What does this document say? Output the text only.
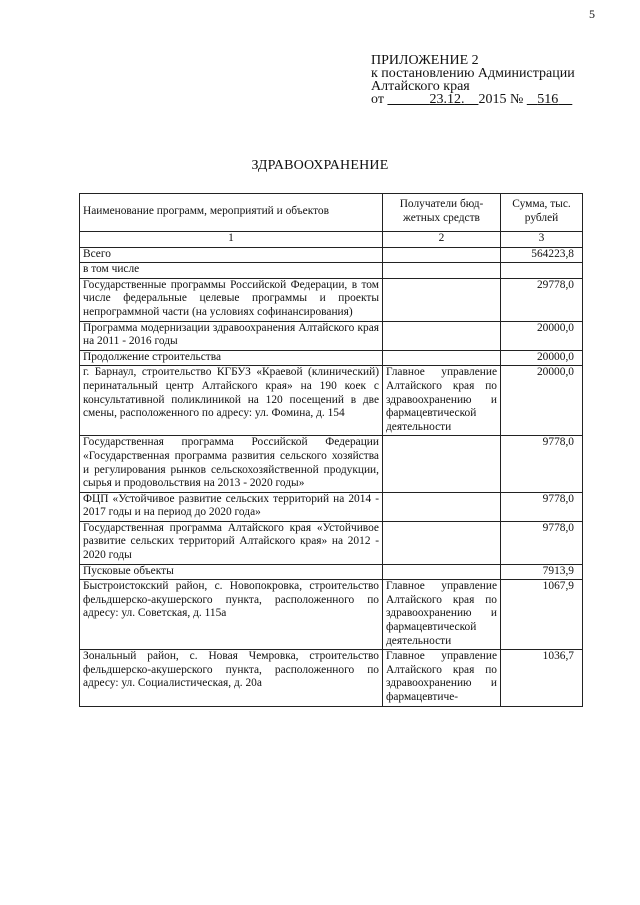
5
ПРИЛОЖЕНИЕ 2
к постановлению Администрации
Алтайского края
от	23.12. 2015 № 516
ЗДРАВООХРАНЕНИЕ
Наименование программ, мероприятий и объектов	Получатели бюд-жетных средств	Сумма, тыс. рублей
1	2	3
Всего		564223,8
в том числе		
Государственные программы Российской Федерации, в том числе федеральные целевые программы и проекты непрограммной части (на условиях софинансирования)		29778,0
Программа модернизации здравоохранения Алтайского края на 2011 - 2016 годы		20000,0
Продолжение строительства		20000,0
г. Барнаул, строительство КГБУЗ «Краевой (клинический) перинатальный центр Алтайского края» на 190 коек с консультативной поликлиникой на 120 посещений в две смены, расположенного по адресу: ул. Фомина, д. 154	Главное управление Алтайского края по здравоохранению и фармацевтической деятельности	20000,0
Государственная программа Российской Федерации «Государственная программа развития сельского хозяйства и регулирования рынков сельскохозяйственной продукции, сырья и продовольствия на 2013 - 2020 годы»		9778,0
ФЦП «Устойчивое развитие сельских территорий на 2014 - 2017 годы и на период до 2020 года»		9778,0
Государственная программа Алтайского края «Устойчивое развитие сельских территорий Алтайского края» на 2012 - 2020 годы		9778,0
Пусковые объекты		7913,9
Быстроистокский район, с. Новопокровка, строительство фельдшерско-акушерского пункта, расположенного по адресу: ул. Советская, д. 115а	Главное управление Алтайского края по здравоохранению и фармацевтической деятельности	1067,9
Зональный район, с. Новая Чемровка, строительство фельдшерско-акушерского пункта, расположенного по адресу: ул. Социалистическая, д. 20а	Главное управление Алтайского края по здравоохранению и фармацевтиче-	1036,7
